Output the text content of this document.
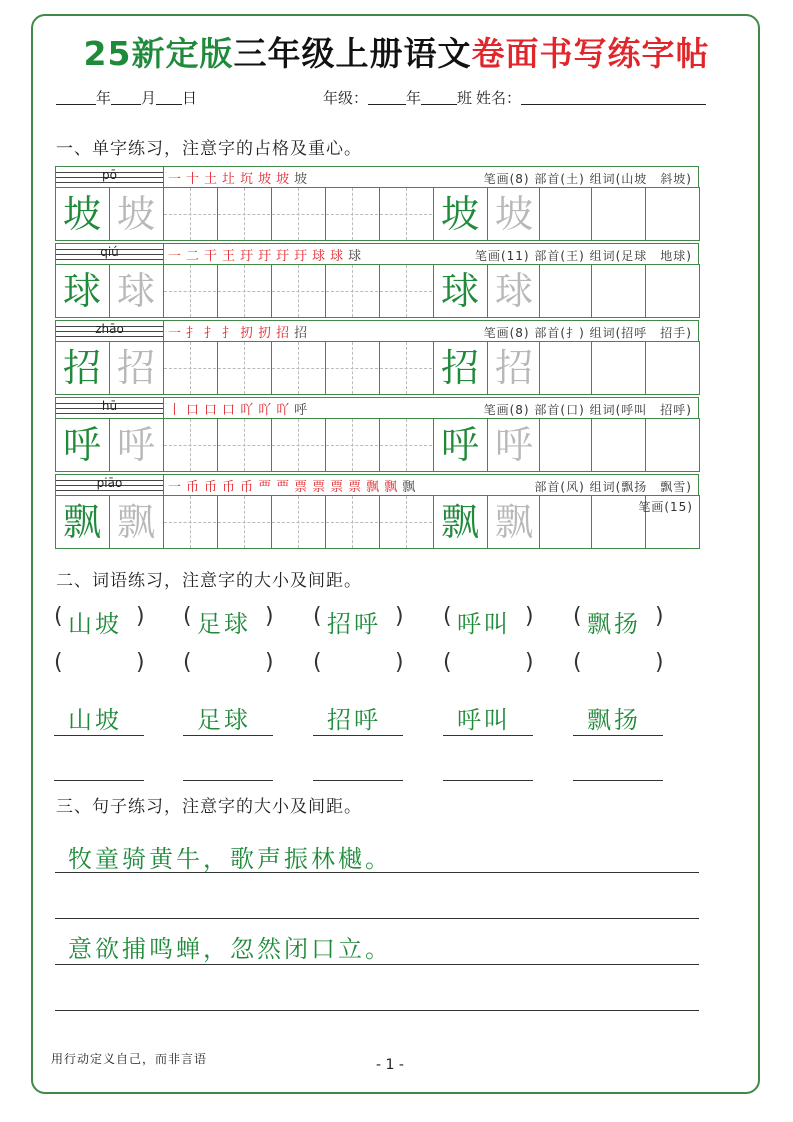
25新定版三年级上册语文卷面书写练字帖
年 月 日	年级：	年 班 姓名：
一、单字练习，注意字的占格及重心。
pō	一十土圵坈坡坡坡	笔画(8) 部首(土) 组词(山坡　斜坡)
坡 坡	坡 坡
qiú	一二干王玗玗玗玗球球球	笔画(11) 部首(王) 组词(足球　地球)
球 球	球 球
zhāo	一扌扌扌扨扨招招	笔画(8) 部首(扌) 组词(招呼　招手)
招 招	招 招
hū	丨口口口吖吖吖呼	笔画(8) 部首(口) 组词(呼叫　招呼)
呼 呼	呼 呼
piāo	一币币币币覀覀票票票票飘飘飘	部首(风) 组词(飘扬　飘雪)
飘 飘	飘 飘	笔画(15)
二、词语练习，注意字的大小及间距。
( 山坡 )
(	)
山坡
( 足球 )
(	)
足球
( 招呼 )
(	)
招呼
( 呼叫 )
(	)
呼叫
( 飘扬 )
(	)
飘扬
三、句子练习，注意字的大小及间距。
牧童骑黄牛，歌声振林樾。
意欲捕鸣蝉，忽然闭口立。
用行动定义自己，而非言语	- 1 -
